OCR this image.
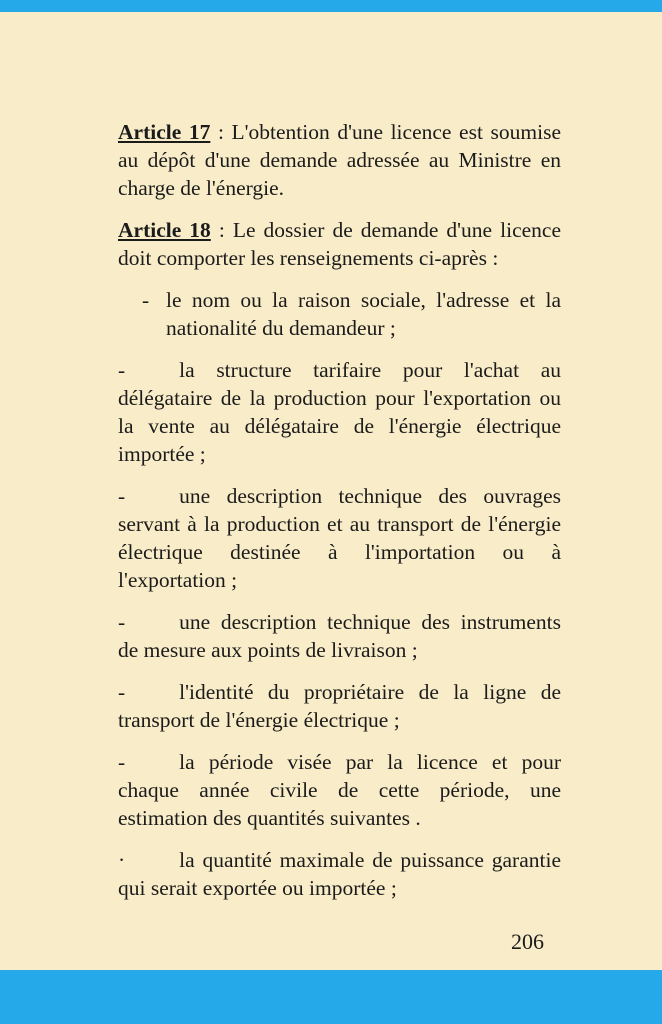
Article 17 : L'obtention d'une licence est soumise au dépôt d'une demande adressée au Ministre en charge de l'énergie.

Article 18 : Le dossier de demande d'une licence doit comporter les renseignements ci-après :

- le nom ou la raison sociale, l'adresse et la nationalité du demandeur ;

-	la structure tarifaire pour l'achat au délégataire de la production pour l'exportation ou la vente au délégataire de l'énergie électrique importée ;

-	une description technique des ouvrages servant à la production et au transport de l'énergie électrique destinée à l'importation ou à l'exportation ;

-	une description technique des instruments de mesure aux points de livraison ;

-	l'identité du propriétaire de la ligne de transport de l'énergie électrique ;

-	la période visée par la licence et pour chaque année civile de cette période, une estimation des quantités suivantes .

·	la quantité maximale de puissance garantie qui serait exportée ou importée ;

206
